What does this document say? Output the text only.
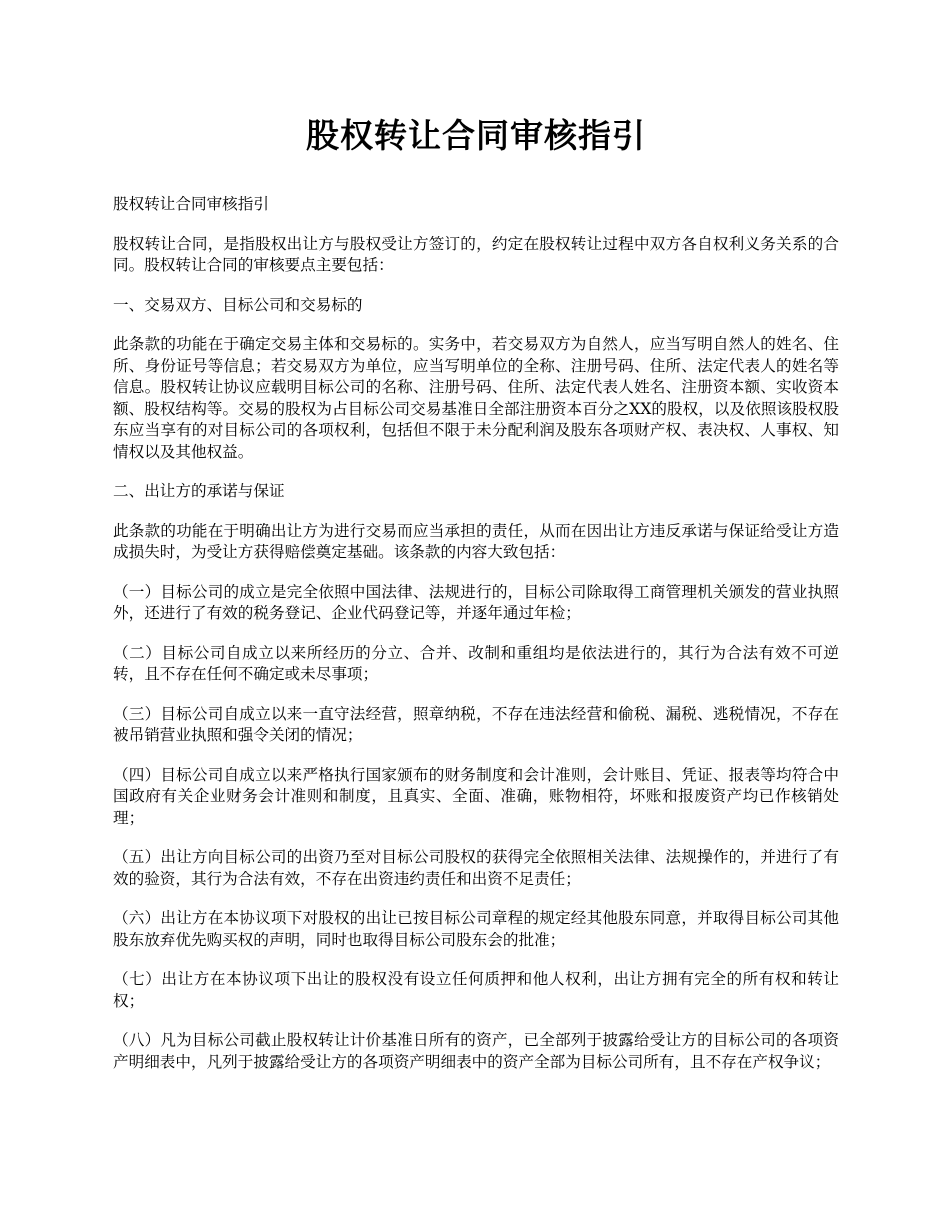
股权转让合同审核指引

股权转让合同审核指引

股权转让合同，是指股权出让方与股权受让方签订的，约定在股权转让过程中双方各自权利义务关系的合同。股权转让合同的审核要点主要包括：

一、交易双方、目标公司和交易标的

此条款的功能在于确定交易主体和交易标的。实务中，若交易双方为自然人，应当写明自然人的姓名、住所、身份证号等信息；若交易双方为单位，应当写明单位的全称、注册号码、住所、法定代表人的姓名等信息。股权转让协议应载明目标公司的名称、注册号码、住所、法定代表人姓名、注册资本额、实收资本额、股权结构等。交易的股权为占目标公司交易基准日全部注册资本百分之XX的股权，以及依照该股权股东应当享有的对目标公司的各项权利，包括但不限于未分配利润及股东各项财产权、表决权、人事权、知情权以及其他权益。

二、出让方的承诺与保证

此条款的功能在于明确出让方为进行交易而应当承担的责任，从而在因出让方违反承诺与保证给受让方造成损失时，为受让方获得赔偿奠定基础。该条款的内容大致包括：

（一）目标公司的成立是完全依照中国法律、法规进行的，目标公司除取得工商管理机关颁发的营业执照外，还进行了有效的税务登记、企业代码登记等，并逐年通过年检；

（二）目标公司自成立以来所经历的分立、合并、改制和重组均是依法进行的，其行为合法有效不可逆转，且不存在任何不确定或未尽事项；

（三）目标公司自成立以来一直守法经营，照章纳税，不存在违法经营和偷税、漏税、逃税情况，不存在被吊销营业执照和强令关闭的情况；

（四）目标公司自成立以来严格执行国家颁布的财务制度和会计准则，会计账目、凭证、报表等均符合中国政府有关企业财务会计准则和制度，且真实、全面、准确，账物相符，坏账和报废资产均已作核销处理；

（五）出让方向目标公司的出资乃至对目标公司股权的获得完全依照相关法律、法规操作的，并进行了有效的验资，其行为合法有效，不存在出资违约责任和出资不足责任；

（六）出让方在本协议项下对股权的出让已按目标公司章程的规定经其他股东同意，并取得目标公司其他股东放弃优先购买权的声明，同时也取得目标公司股东会的批准；

（七）出让方在本协议项下出让的股权没有设立任何质押和他人权利，出让方拥有完全的所有权和转让权；

（八）凡为目标公司截止股权转让计价基准日所有的资产，已全部列于披露给受让方的目标公司的各项资产明细表中，凡列于披露给受让方的各项资产明细表中的资产全部为目标公司所有，且不存在产权争议；
